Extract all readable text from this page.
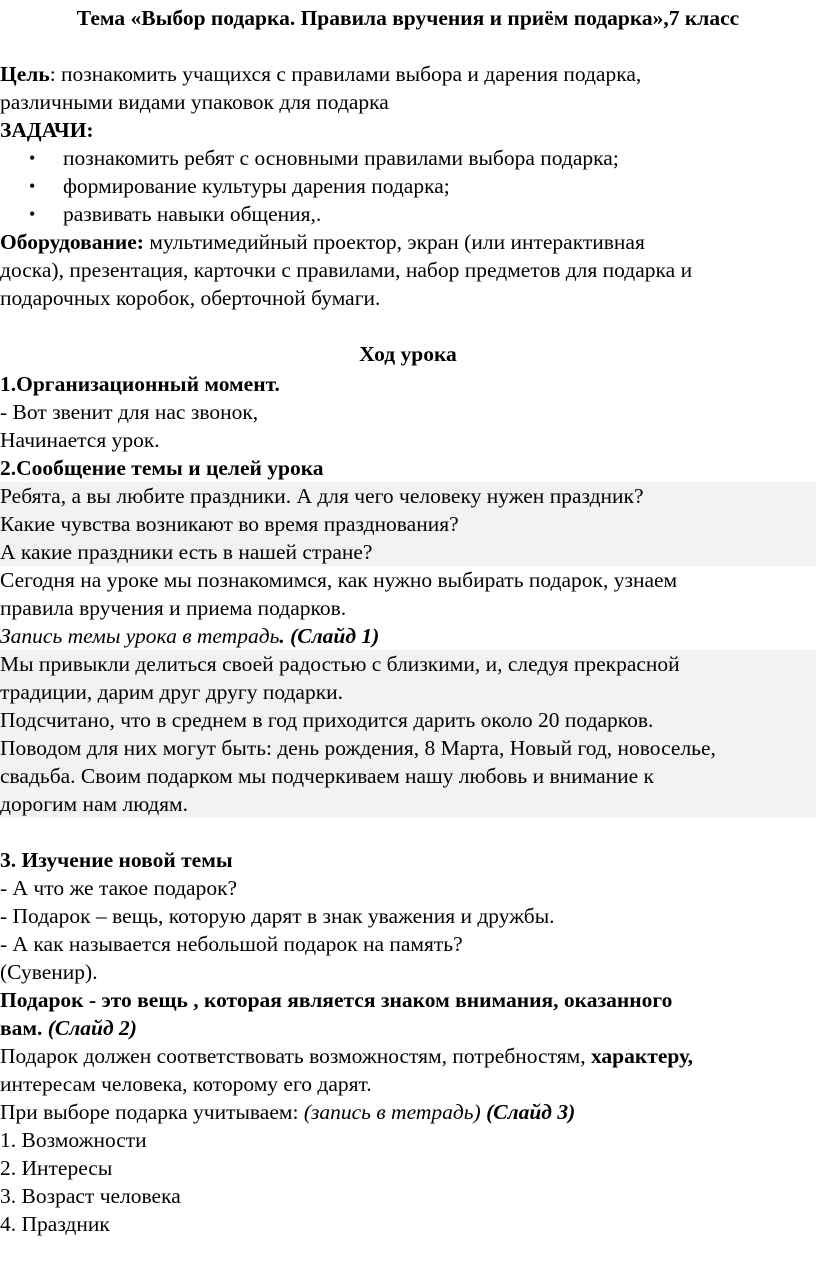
Тема «Выбор подарка. Правила вручения и приём подарка»,7 класс
Цель: познакомить учащихся с правилами выбора и дарения подарка,
различными видами упаковок для подарка
ЗАДАЧИ:
• познакомить ребят с основными правилами выбора подарка;
• формирование культуры дарения подарка;
• развивать навыки общения,.
Оборудование: мультимедийный проектор, экран (или интерактивная
доска), презентация, карточки с правилами, набор предметов для подарка и
подарочных коробок, оберточной бумаги.
Ход урока
1.Организационный момент.
- Вот звенит для нас звонок,
Начинается урок.
2.Сообщение темы и целей урока
Ребята, а вы любите праздники. А для чего человеку нужен праздник?
Какие чувства возникают во время празднования?
А какие праздники есть в нашей стране?
Сегодня на уроке мы познакомимся, как нужно выбирать подарок, узнаем
правила вручения и приема подарков.
Запись темы урока в тетрадь. (Слайд 1)
Мы привыкли делиться своей радостью с близкими, и, следуя прекрасной
традиции, дарим друг другу подарки.
Подсчитано, что в среднем в год приходится дарить около 20 подарков.
Поводом для них могут быть: день рождения, 8 Марта, Новый год, новоселье,
свадьба. Своим подарком мы подчеркиваем нашу любовь и внимание к
дорогим нам людям.
3. Изучение новой темы
- А что же такое подарок?
- Подарок – вещь, которую дарят в знак уважения и дружбы.
- А как называется небольшой подарок на память?
(Сувенир).
Подарок - это вещь , которая является знаком внимания, оказанного
вам. (Слайд 2)
Подарок должен соответствовать возможностям, потребностям, характеру,
интересам человека, которому его дарят.
При выборе подарка учитываем: (запись в тетрадь) (Слайд 3)
1. Возможности
2. Интересы
3. Возраст человека
4. Праздник
